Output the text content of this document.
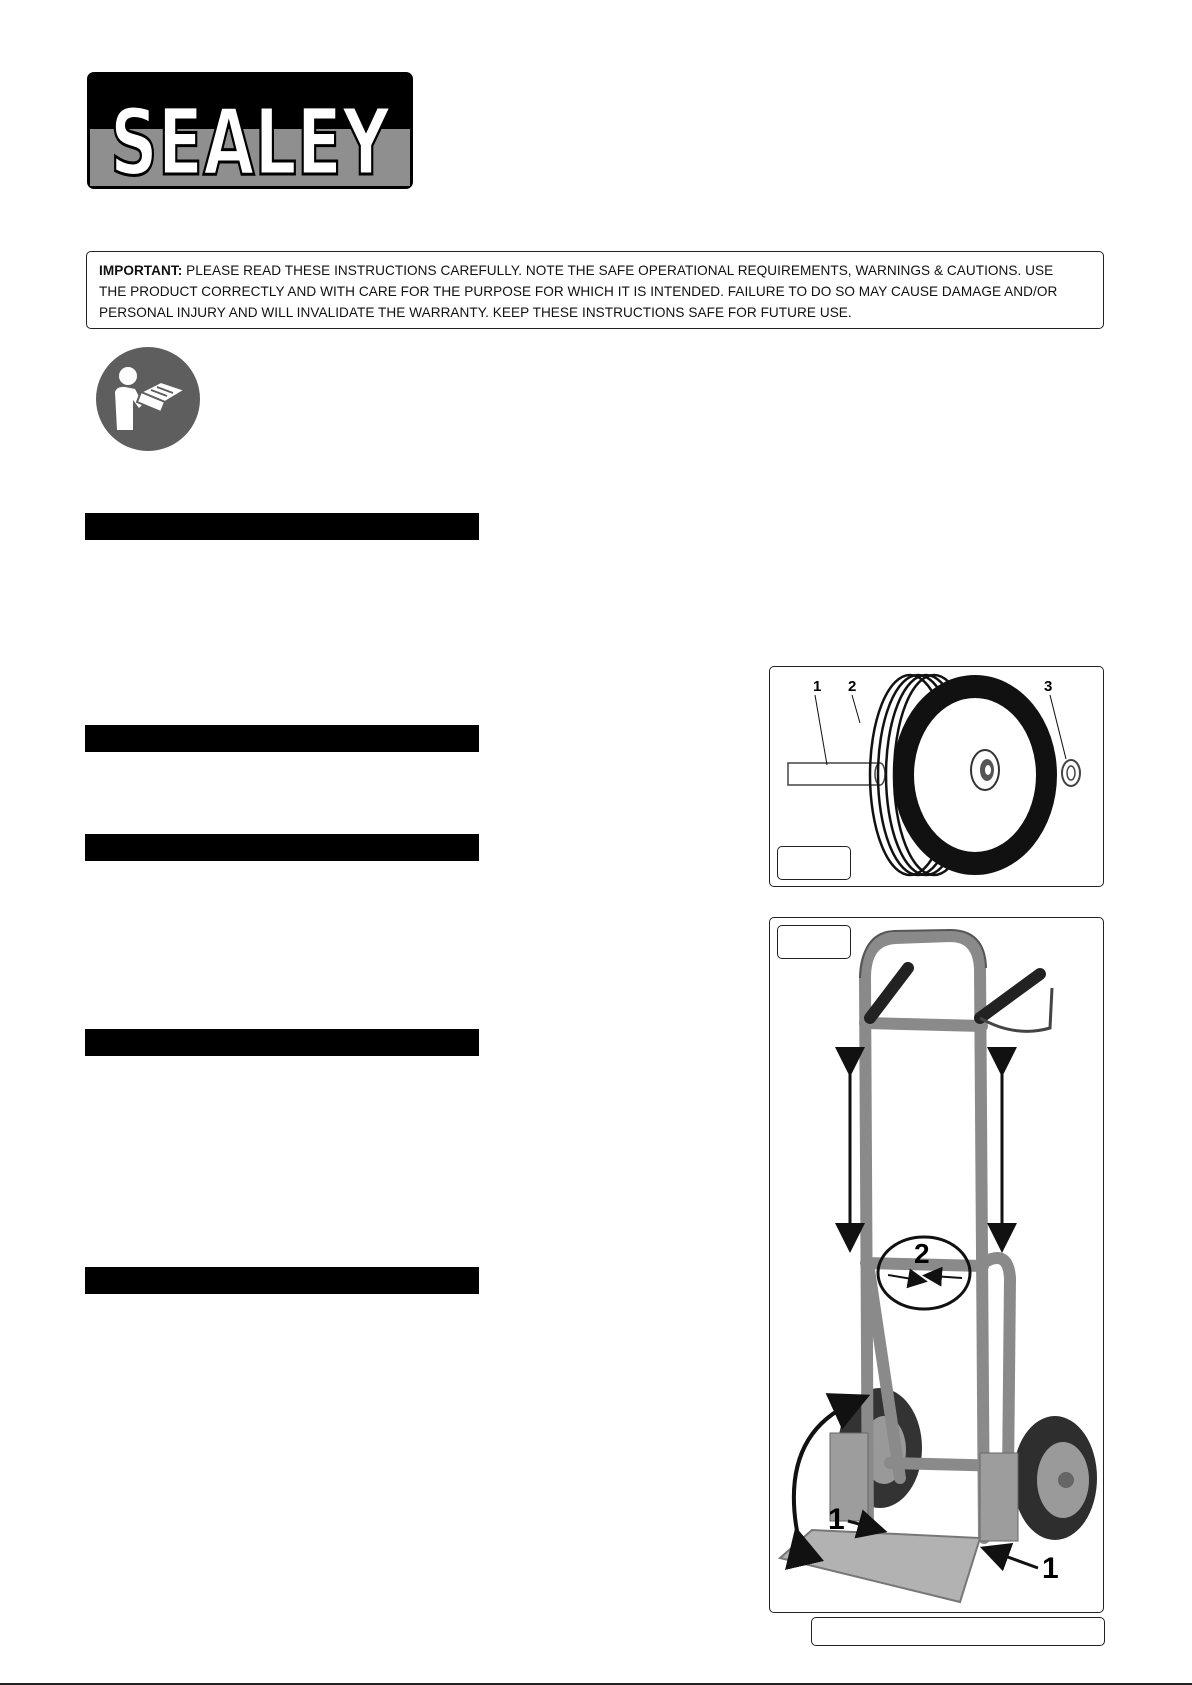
SEALEY
IMPORTANT: PLEASE READ THESE INSTRUCTIONS CAREFULLY. NOTE THE SAFE OPERATIONAL REQUIREMENTS, WARNINGS & CAUTIONS. USE
THE PRODUCT CORRECTLY AND WITH CARE FOR THE PURPOSE FOR WHICH IT IS INTENDED. FAILURE TO DO SO MAY CAUSE DAMAGE AND/OR
PERSONAL INJURY AND WILL INVALIDATE THE WARRANTY. KEEP THESE INSTRUCTIONS SAFE FOR FUTURE USE.
1 2	3
2
1
1
